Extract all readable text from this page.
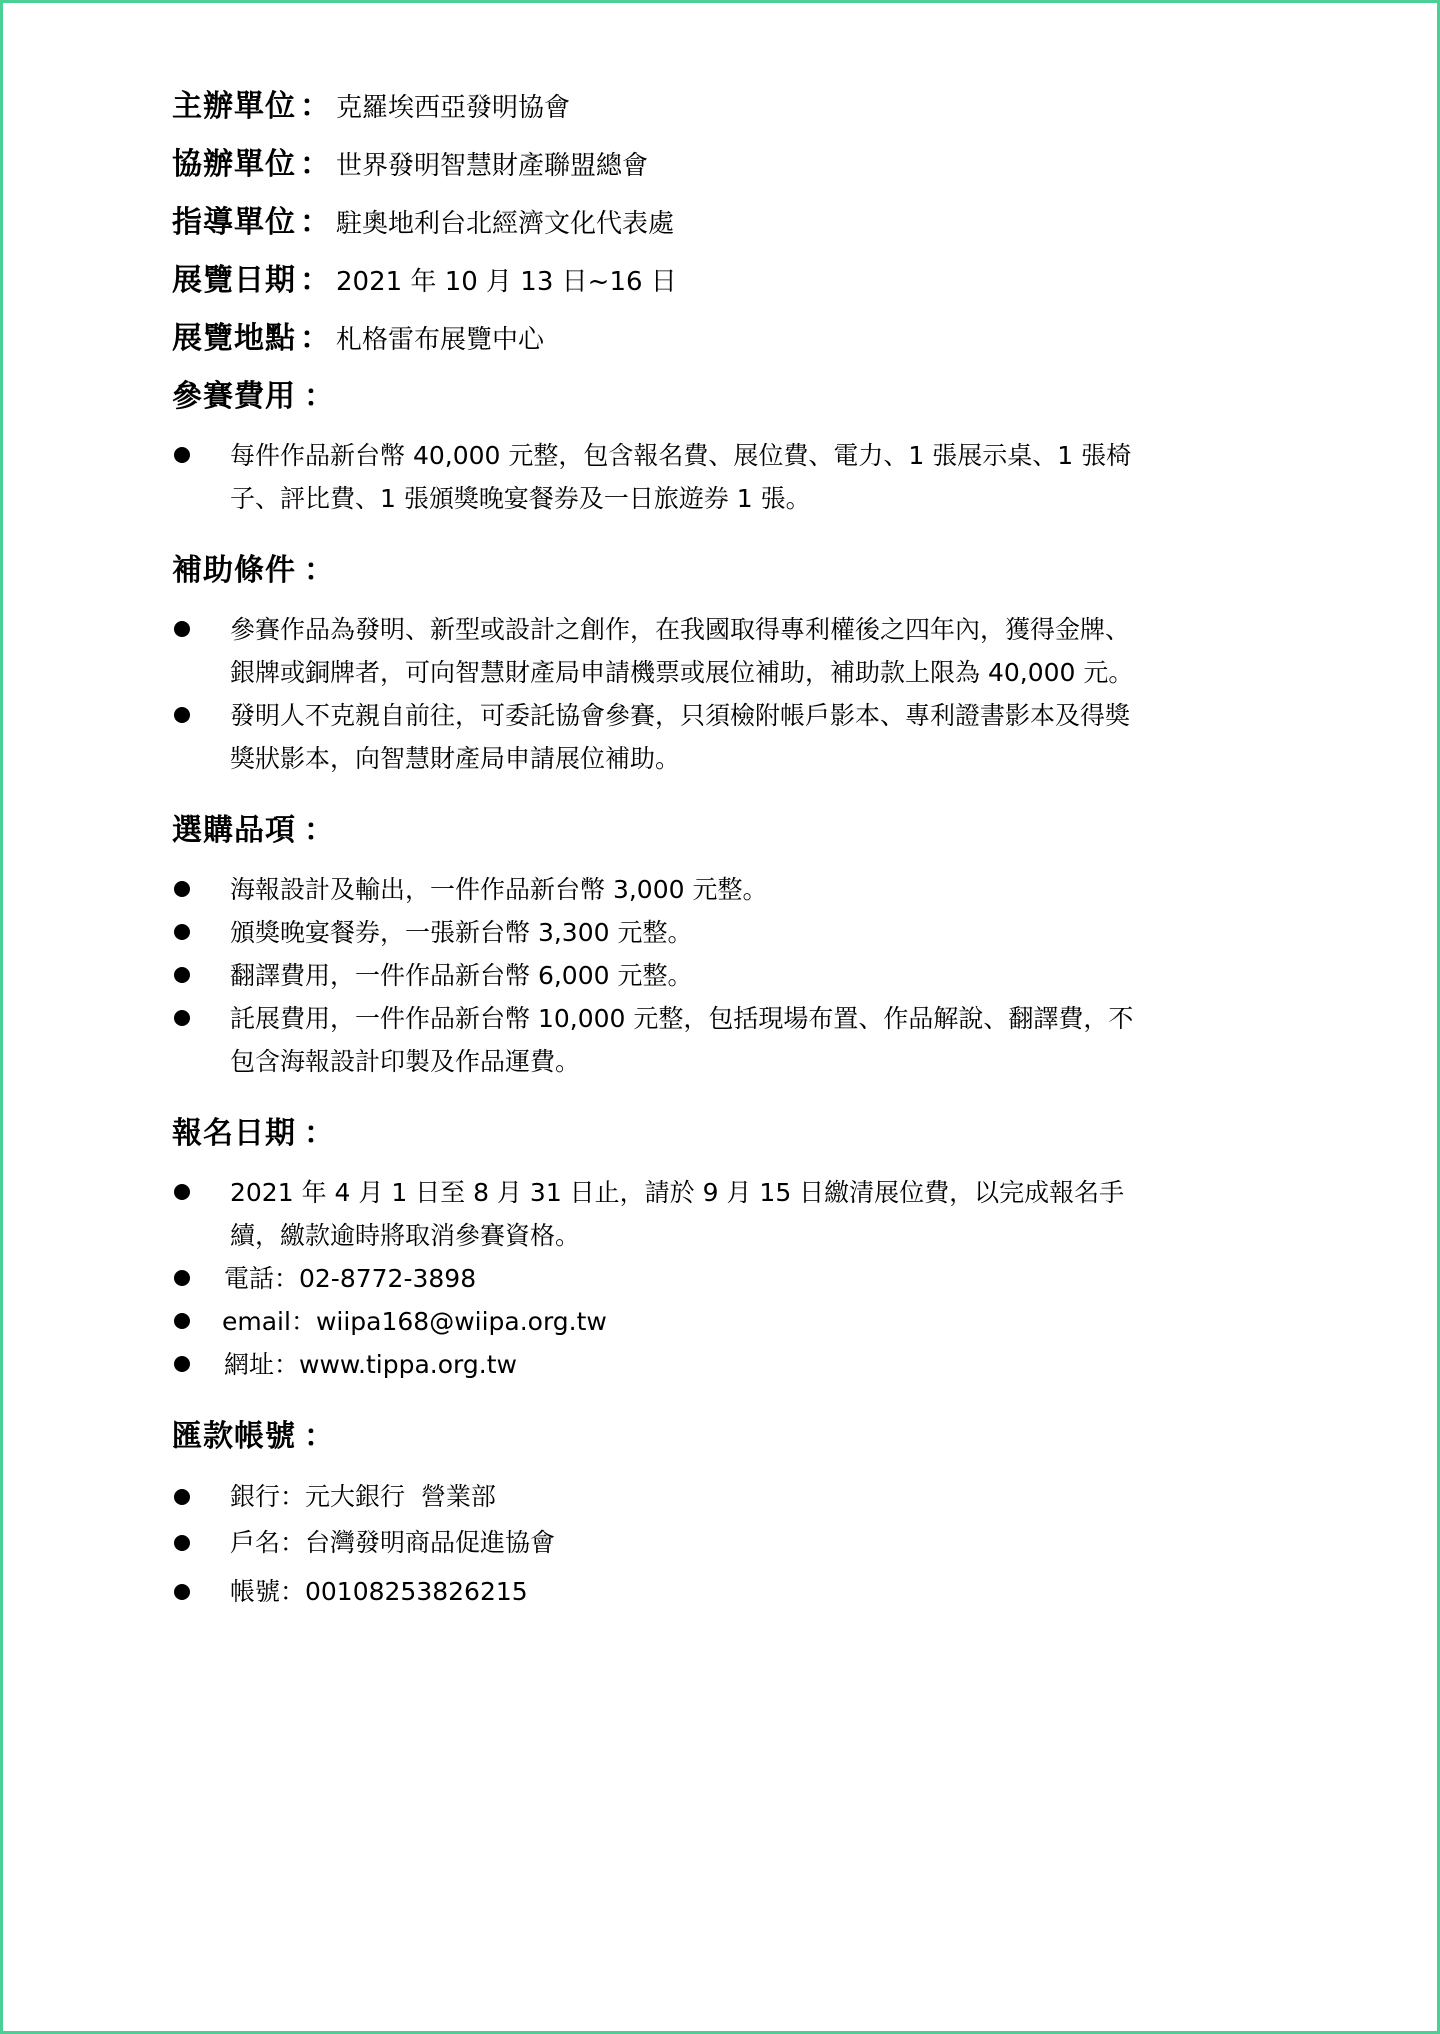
主辦單位 ： 克羅埃西亞發明協會
協辦單位 ： 世界發明智慧財產聯盟總會
指導單位 ： 駐奧地利台北經濟文化代表處
展覽日期 ： 2021 年 10 月 13 日~16 日
展覽地點 ： 札格雷布展覽中心
參賽費用 ：
每件作品新台幣 40,000 元整，包含報名費、展位費、電力、1 張展示桌、1 張椅
子、評比費、1 張頒獎晚宴餐券及一日旅遊券 1 張。
補助條件 ：
參賽作品為發明、新型或設計之創作，在我國取得專利權後之四年內，獲得金牌、
銀牌或銅牌者，可向智慧財產局申請機票或展位補助，補助款上限為 40,000 元。
發明人不克親自前往，可委託協會參賽，只須檢附帳戶影本、專利證書影本及得獎
獎狀影本，向智慧財產局申請展位補助。
選購品項 ：
海報設計及輸出，一件作品新台幣 3,000 元整。
頒獎晚宴餐券，一張新台幣 3,300 元整。
翻譯費用，一件作品新台幣 6,000 元整。
託展費用，一件作品新台幣 10,000 元整，包括現場布置、作品解說、翻譯費，不
包含海報設計印製及作品運費。
報名日期 ：
2021 年 4 月 1 日至 8 月 31 日止，請於 9 月 15 日繳清展位費，以完成報名手
續，繳款逾時將取消參賽資格。
電話：02-8772-3898
email：wiipa168@wiipa.org.tw
網址：www.tippa.org.tw
匯款帳號 ：
銀行：元大銀行  營業部
戶名：台灣發明商品促進協會
帳號：00108253826215
